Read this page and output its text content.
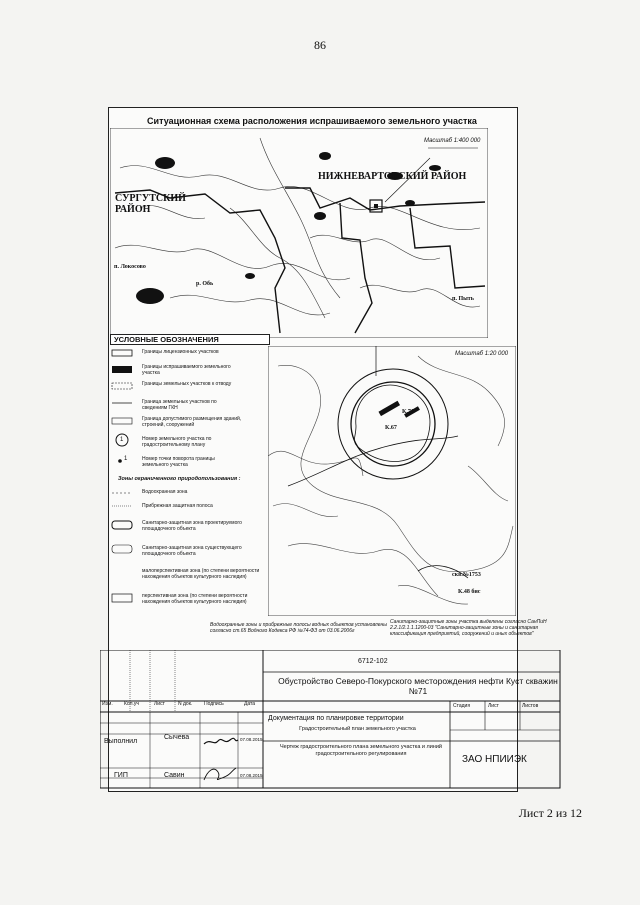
86
Ситуационная схема расположения испрашиваемого земельного участка
Масштаб 1:400 000
НИЖНЕВАРТОВСКИЙ РАЙОН
СУРГУТСКИЙ РАЙОН
п. Локосово
р. Обь
п. Пыть
УСЛОВНЫЕ ОБОЗНАЧЕНИЯ
1
1
Границы лицензионных участков
Границы испрашиваемого земельного участка
Границы земельных участков к отводу
Граница земельных участков по сведениям ГКН
Граница допустимого размещения зданий, строений, сооружений
Номер земельного участка по градостроительному плану
Номер точки поворота границы земельного участка
Зоны ограниченного природопользования :
Водоохранная зона
Прибрежная защитная полоса
Санитарно-защитная зона проектируемого площадочного объекта
Санитарно-защитная зона существующего площадочного объекта
малоперспективная зона (по степени вероятности нахождения объектов культурного наследия)
перспективная зона (по степени вероятности нахождения объектов культурного наследия)
Масштаб 1:20 000
К.71
К.67
скв.№1753
К.48 бис
Водоохранные зоны и прибрежные полосы водных объектов установлены согласно ст.65 Водного Кодекса РФ №74-ФЗ от 03.06.2006г
Санитарно-защитные зоны участка выделены согласно СанПиН 2.2.1/2.1.1.1200-03 "Санитарно-защитные зоны и санитарная классификация предприятий, сооружений и иных объектов"
6712-102
Обустройство Северо-Покурского месторождения нефти Куст скважин №71
Изм. Кол.уч	Лист	N док. Подпись	Дата
Документация по планировке территории
Градостроительный план земельного участка
Чертеж градостроительного плана земельного участка и линий градостроительного регулирования
Стадия	Лист	Листов
ЗАО НПИИЭК
Выполнил
Сычева	07.08.2015
ГИП	Савин	07.08.2015
Лист 2 из 12
